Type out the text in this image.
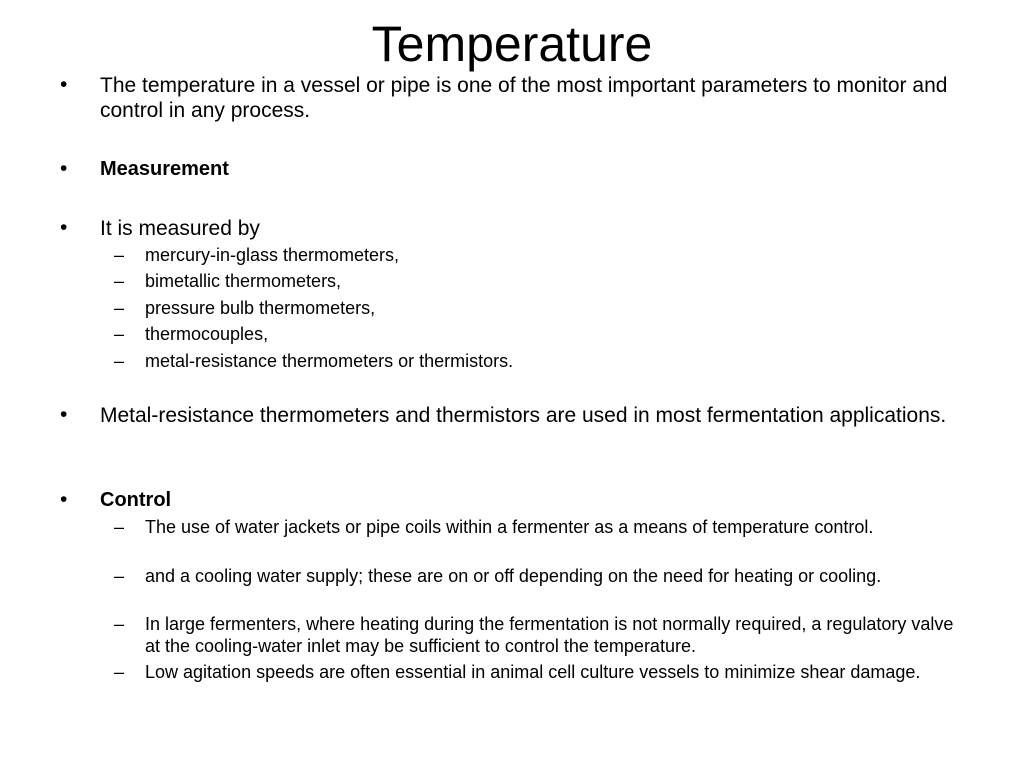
Temperature
• The temperature in a vessel or pipe is one of the most important parameters to monitor and control in any process.
• Measurement
• It is measured by
– mercury-in-glass thermometers,
– bimetallic thermometers,
– pressure bulb thermometers,
– thermocouples,
– metal-resistance thermometers or thermistors.
• Metal-resistance thermometers and thermistors are used in most fermentation applications.
• Control
– The use of water jackets or pipe coils within a fermenter as a means of temperature control.
– and a cooling water supply; these are on or off depending on the need for heating or cooling.
– In large fermenters, where heating during the fermentation is not normally required, a regulatory valve at the cooling-water inlet may be sufficient to control the temperature.
– Low agitation speeds are often essential in animal cell culture vessels to minimize shear damage.
